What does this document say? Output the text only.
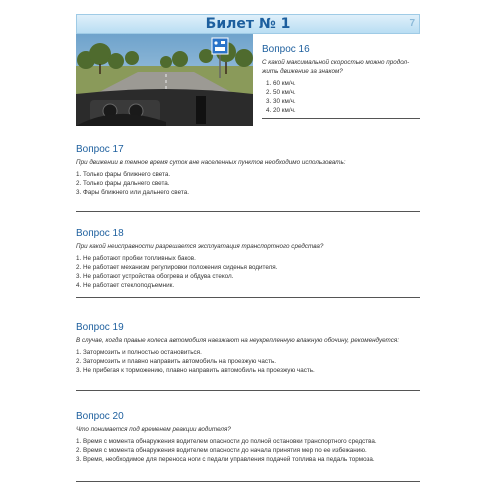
Билет № 1	7
Вопрос 16
С какой максимальной скоростью можно продол-жить движение за знаком?
1. 60 км/ч.
2. 50 км/ч.
3. 30 км/ч.
4. 20 км/ч.
Вопрос 17
При движении в темное время суток вне населенных пунктов необходимо использовать:
1. Только фары ближнего света.
2. Только фары дальнего света.
3. Фары ближнего или дальнего света.
Вопрос 18
При какой неисправности разрешается эксплуатация транспортного средства?
1. Не работают пробки топливных баков.
2. Не работает механизм регулировки положения сиденья водителя.
3. Не работают устройства обогрева и обдува стекол.
4. Не работает стеклоподъемник.
Вопрос 19
В случае, когда правые колеса автомобиля наезжают на неукрепленную влажную обочину, рекомендуется:
1. Затормозить и полностью остановиться.
2. Затормозить и плавно направить автомобиль на проезжую часть.
3. Не прибегая к торможению, плавно направить автомобиль на проезжую часть.
Вопрос 20
Что понимается под временем реакции водителя?
1. Время с момента обнаружения водителем опасности до полной остановки транспортного средства.
2. Время с момента обнаружения водителем опасности до начала принятия мер по ее избежанию.
3. Время, необходимое для переноса ноги с педали управления подачей топлива на педаль тормоза.
